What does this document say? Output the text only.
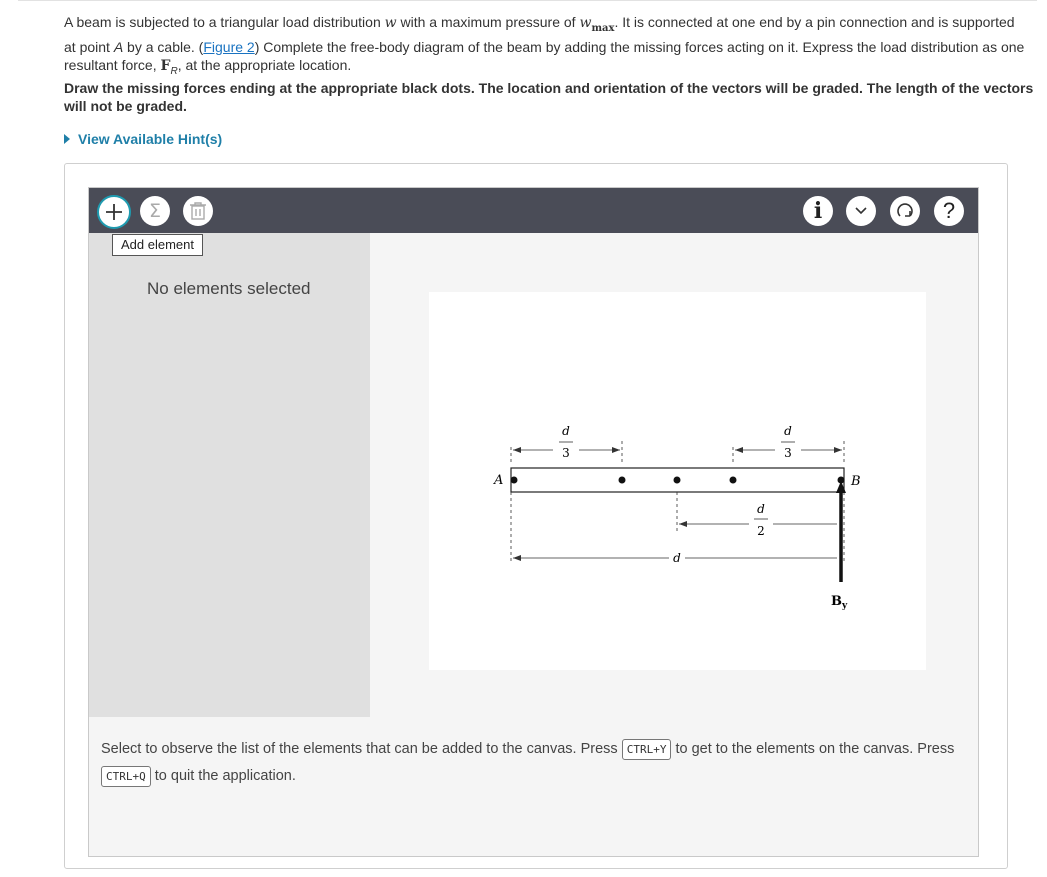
A beam is subjected to a triangular load distribution w with a maximum pressure of $w_{max}$. It is connected at one end by a pin connection and is supported at point A by a cable. (Figure 2) Complete the free-body diagram of the beam by adding the missing forces acting on it. Express the load distribution as one resultant force, $F_R$, at the appropriate location.
Draw the missing forces ending at the appropriate black dots. The location and orientation of the vectors will be graded. The length of the vectors will not be graded.
View Available Hint(s)
Σ	i	?
No elements selected
Add element
d
3
d
3
A	B
d
2
d
$B_y$
Select to observe the list of the elements that can be added to the canvas. Press CTRL+Y to get to the elements on the canvas. Press CTRL+Q to quit the application.
